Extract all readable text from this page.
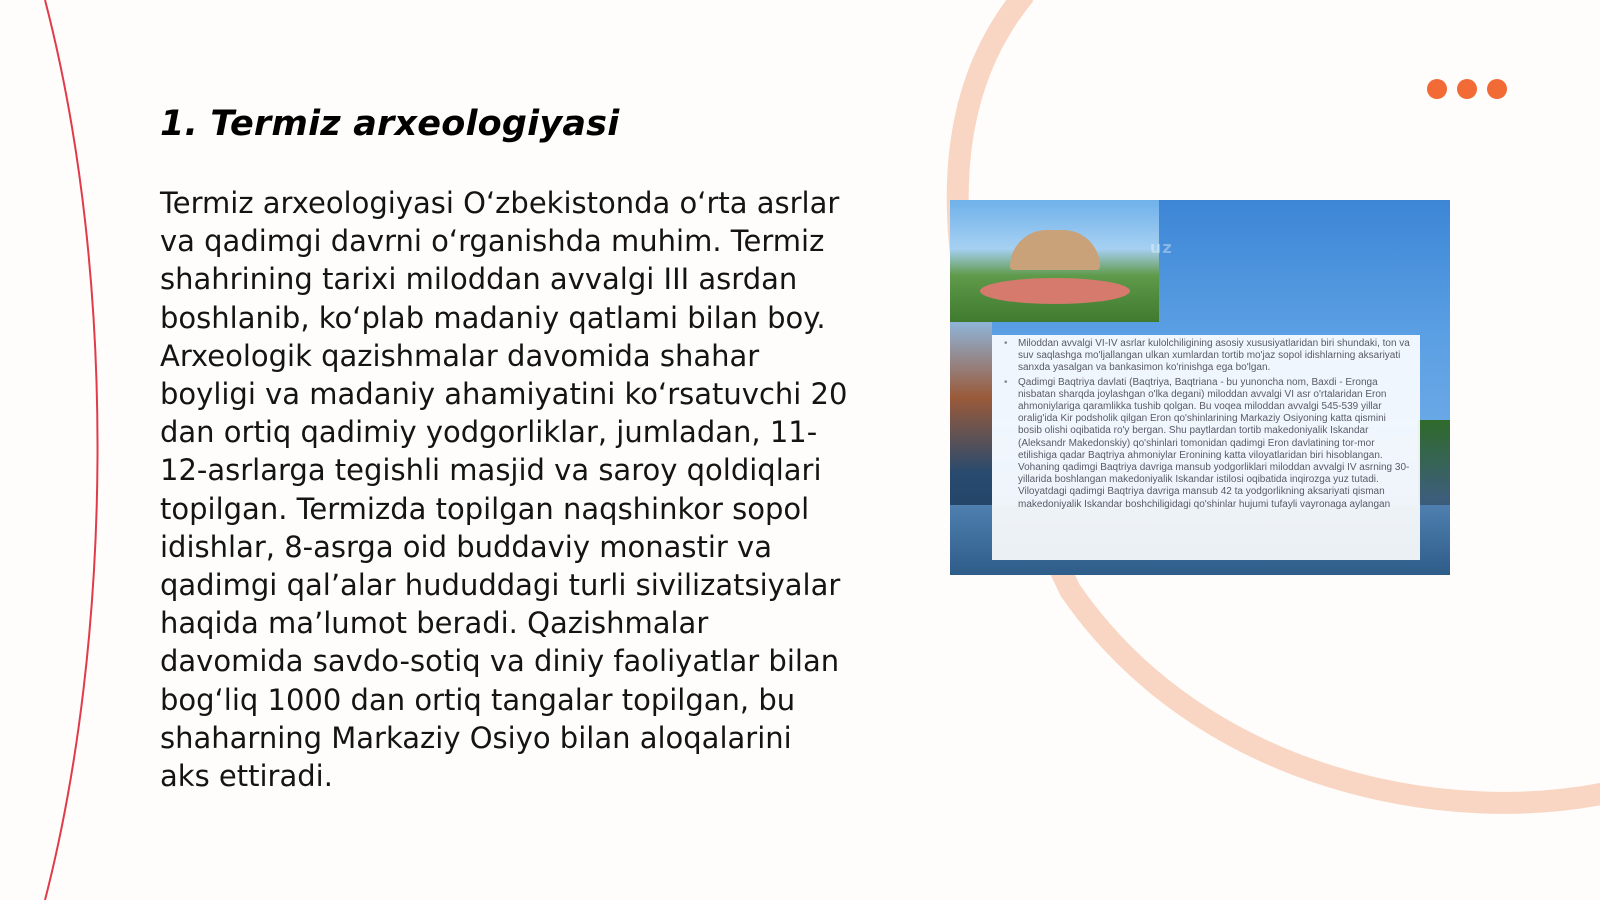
1. Termiz arxeologiyasi

Termiz arxeologiyasi O‘zbekistonda o‘rta asrlar va qadimgi davrni o‘rganishda muhim. Termiz shahrining tarixi miloddan avvalgi III asrdan boshlanib, ko‘plab madaniy qatlami bilan boy. Arxeologik qazishmalar davomida shahar boyligi va madaniy ahamiyatini ko‘rsatuvchi 20 dan ortiq qadimiy yodgorliklar, jumladan, 11-12-asrlarga tegishli masjid va saroy qoldiqlari topilgan. Termizda topilgan naqshinkor sopol idishlar, 8-asrga oid buddaviy monastir va qadimgi qal’alar hududdagi turli sivilizatsiyalar haqida ma’lumot beradi. Qazishmalar davomida savdo-sotiq va diniy faoliyatlar bilan bog‘liq 1000 dan ortiq tangalar topilgan, bu shaharning Markaziy Osiyo bilan aloqalarini aks ettiradi.

uz
• Miloddan avvalgi VI-IV asrlar kulolchiligining asosiy xususiyatlaridan biri shundaki, ton va suv saqlashga mo'ljallangan ulkan xumlardan tortib mo'jaz sopol idishlarning aksariyati sanxda yasalgan va bankasimon ko'rinishga ega bo'lgan.
• Qadimgi Baqtriya davlati (Baqtriya, Baqtriana - bu yunoncha nom, Baxdi - Eronga nisbatan sharqda joylashgan o'lka degani) miloddan avvalgi VI asr o'rtalaridan Eron ahmoniylariga qaramlikka tushib qolgan. Bu voqea miloddan avvalgi 545-539 yillar oralig'ida Kir podsholik qilgan Eron qo'shinlarining Markaziy Osiyoning katta qismini bosib olishi oqibatida ro'y bergan. Shu paytlardan tortib makedoniyalik Iskandar (Aleksandr Makedonskiy) qo'shinlari tomonidan qadimgi Eron davlatining tor-mor etilishiga qadar Baqtriya ahmoniylar Eronining katta viloyatlaridan biri hisoblangan. Vohaning qadimgi Baqtriya davriga mansub yodgorliklari miloddan avvalgi IV asrning 30-yillarida boshlangan makedoniyalik Iskandar istilosi oqibatida inqirozga yuz tutadi. Viloyatdagi qadimgi Baqtriya davriga mansub 42 ta yodgorlikning aksariyati qisman makedoniyalik Iskandar boshchiligidagi qo'shinlar hujumi tufayli vayronaga aylangan
